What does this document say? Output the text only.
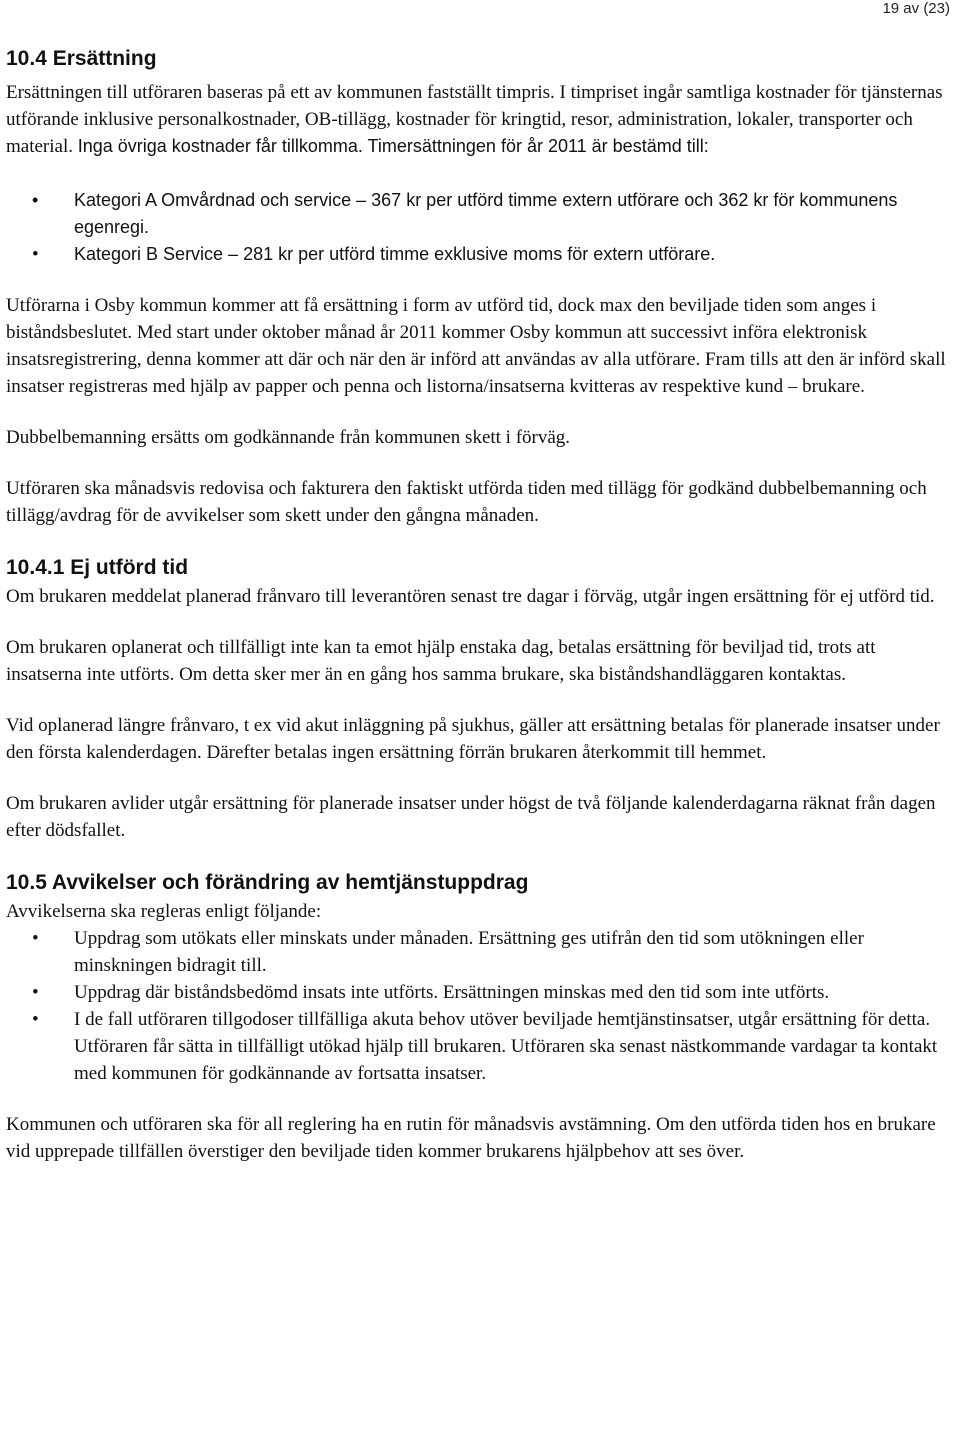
19 av (23)
10.4 Ersättning

Ersättningen till utföraren baseras på ett av kommunen fastställt timpris. I timpriset ingår samtliga kostnader för tjänsternas utförande inklusive personalkostnader, OB-tillägg, kostnader för kringtid, resor, administration, lokaler, transporter och material. Inga övriga kostnader får tillkomma. Timersättningen för år 2011 är bestämd till:

• Kategori A Omvårdnad och service – 367 kr per utförd timme extern utförare och 362 kr för kommunens egenregi.
• Kategori B Service – 281 kr per utförd timme exklusive moms för extern utförare.

Utförarna i Osby kommun kommer att få ersättning i form av utförd tid, dock max den beviljade tiden som anges i biståndsbeslutet. Med start under oktober månad år 2011 kommer Osby kommun att successivt införa elektronisk insatsregistrering, denna kommer att där och när den är införd att användas av alla utförare. Fram tills att den är införd skall insatser registreras med hjälp av papper och penna och listorna/insatserna kvitteras av respektive kund – brukare.

Dubbelbemanning ersätts om godkännande från kommunen skett i förväg.

Utföraren ska månadsvis redovisa och fakturera den faktiskt utförda tiden med tillägg för godkänd dubbelbemanning och tillägg/avdrag för de avvikelser som skett under den gångna månaden.

10.4.1 Ej utförd tid

Om brukaren meddelat planerad frånvaro till leverantören senast tre dagar i förväg, utgår ingen ersättning för ej utförd tid.

Om brukaren oplanerat och tillfälligt inte kan ta emot hjälp enstaka dag, betalas ersättning för beviljad tid, trots att insatserna inte utförts. Om detta sker mer än en gång hos samma brukare, ska biståndshandläggaren kontaktas.

Vid oplanerad längre frånvaro, t ex vid akut inläggning på sjukhus, gäller att ersättning betalas för planerade insatser under den första kalenderdagen. Därefter betalas ingen ersättning förrän brukaren återkommit till hemmet.

Om brukaren avlider utgår ersättning för planerade insatser under högst de två följande kalenderdagarna räknat från dagen efter dödsfallet.

10.5 Avvikelser och förändring av hemtjänstuppdrag

Avvikelserna ska regleras enligt följande:

• Uppdrag som utökats eller minskats under månaden. Ersättning ges utifrån den tid som utökningen eller minskningen bidragit till.
• Uppdrag där biståndsbedömd insats inte utförts. Ersättningen minskas med den tid som inte utförts.
• I de fall utföraren tillgodoser tillfälliga akuta behov utöver beviljade hemtjänstinsatser, utgår ersättning för detta. Utföraren får sätta in tillfälligt utökad hjälp till brukaren. Utföraren ska senast nästkommande vardagar ta kontakt med kommunen för godkännande av fortsatta insatser.

Kommunen och utföraren ska för all reglering ha en rutin för månadsvis avstämning. Om den utförda tiden hos en brukare vid upprepade tillfällen överstiger den beviljade tiden kommer brukarens hjälpbehov att ses över.
